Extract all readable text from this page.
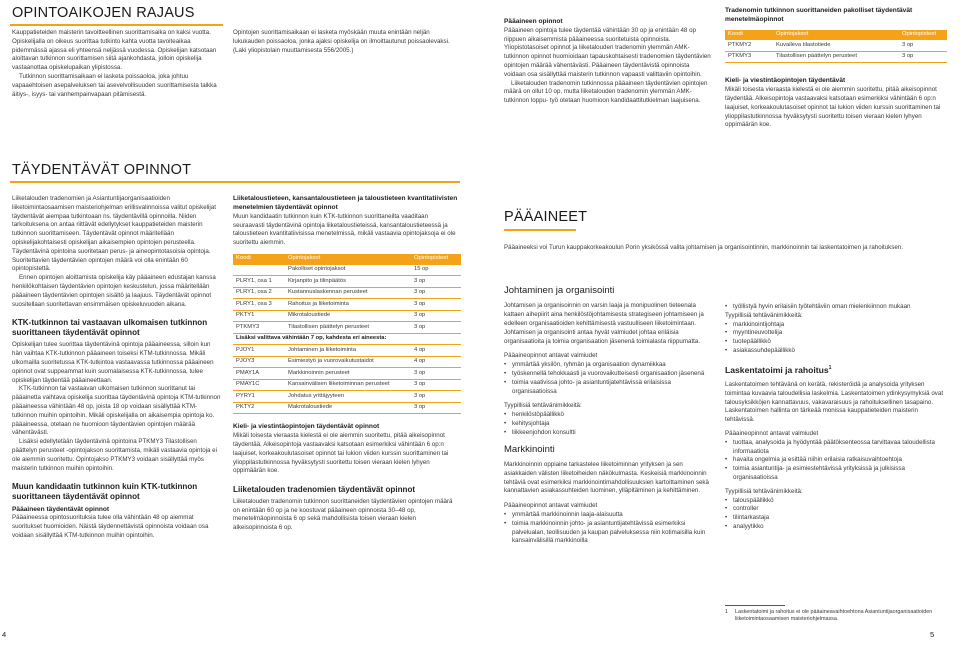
OPINTOAIKOJEN RAJAUS

Kauppatieteiden maisterin tavoitteellinen suorittamisaika on kaksi vuotta. Opiskelijalla on oikeus suorittaa tutkinto kahta vuotta tavoiteaikaa pidemmässä ajassa eli yhteensä neljässä vuodessa. Opiskelijan katsotaan aloittavan tutkinnon suorittamisen siitä ajankohdasta, jolloin opiskelija vastaanottaa opiskelupaikan ylipistossa.

Tutkinnon suorittamisaikaan ei lasketa poissaoloa, joka johtuu vapaaehtoisen asepalveluksen tai asevelvollisuuden suorittamisesta taikka äitiys-, isyys- tai vanhempainvapaan pitämisestä.

Opintojen suorittamisaikaan ei lasketa myöskään muuta enintään neljän lukukauden poissaoloa, jonka ajaksi opiskelija on ilmoittautunut poissaolevaksi. (Laki yliopistolain muuttamisesta 556/2005.)

TÄYDENTÄVÄT OPINNOT

Liiketalouden tradenomien ja Asiantuntijaorganisaatioiden liiketoimintaosaamisen maisteriohjelman erillisvalinnoissa valitut opiskelijat täydentävät aiempaa tutkintoaan ns. täydentävillä opinnoilla. Niiden tarkoituksena on antaa riittävät edellytykset kauppatieteiden maisterin tutkinnon suorittamiseen. Täydentävät opinnot määritellään opiskelijakohtaisesti opiskelijan aikaisempien opintojen perusteella. Täydentävinä opintoina suoritetaan perus- ja aineopintotasoisia opintoja. Suoritettavien täydentävien opintojen määrä voi olla enintään 60 opintopistettä.

Ennen opintojen aloittamista opiskelija käy pääaineen edustajan kanssa henkilökohtaisen täydentävien opintojen keskustelun, jossa määritellään pääaineen täydentävien opintojen sisältö ja laajuus. Täydentävät opinnot suositellaan suoritettavan ensimmäisen opiskeluvuoden aikana.

KTK-tutkinnon tai vastaavan ulkomaisen tutkinnon suorittaneen täydentävät opinnot

Opiskelijan tulee suorittaa täydentävinä opintoja pääaineessa, silloin kun hän vaihtaa KTK-tutkinnon pääaineen toiseksi KTM-tutkinnossa. Mikäli ulkomailla suoritetussa KTK-tutkintoa vastaavassa tutkinnossa pääaineen opinnot ovat suppeammat kuin suomalaisessa KTK-tutkinnossa, tulee opiskelijan täydentää pääaineettaan.

KTK-tutkinnon tai vastaavan ulkomaisen tutkinnon suorittanut tai pääainetta vaihtava opiskelija suorittaa täydentävinä opintoja KTM-tutkinnon pääaineessa vähintään 48 op, joista 18 op voidaan sisällyttää KTM-tutkinnon muihin opintoihin. Mikäli opiskelijalla on aikaisempia opintoja ko. pääaineessa, otetaan ne huomioon täydentävien opintojen määrää vähentävästi.

Lisäksi edellytetään täydentävinä opintoina PTKMY3 Tilastollisen päättelyn perusteet -opintojakson suorittamista, mikäli vastaavia opintoja ei ole aiemmin suoritettu. Opintojakso PTKMY3 voidaan sisällyttää myös maisterin tutkinnon muihin opintoihin.

Muun kandidaatin tutkinnon kuin KTK-tutkinnon suorittaneen täydentävät opinnot
Pääaineen täydentävät opinnot

Pääaineessa opintosuorituksia tulee olla vähintään 48 op aiemmat suoritukset huomioiden. Näistä täydennettävistä opinnoista voidaan osa voidaan sisällyttää KTM-tutkinnon muihin opintoihin.

Liiketaloustieteen, kansantaloustieteen ja taloustieteen kvantitatiivisten menetelmien täydentävät opinnot

Muun kandidaatin tutkinnon kuin KTK-tutkinnon suorittaneilta vaaditaan seuraavasti täydentävinä opintoja liiketaloustieteissä, kansantaloustieteessä ja taloustieteen kvantitatiivisissa menetelmissä, mikäli vastaavia opintojaksoja ei ole suoritettu aiemmin.

Koodi	Opintojaksot	Opintopisteet
	Pakolliset opintojaksot	15 op
PLRY1, osa 1	Kirjanpito ja tilinpäätös	3 op
PLRY1, osa 2	Kustannuslaskennan perusteet	3 op
PLRY1, osa 3	Rahoitus ja liiketoiminta	3 op
PKTY1	Mikrotaloustiede	3 op
PTKMY3	Tilastollisen päättelyn perusteet	3 op
Lisäksi valittava vähintään 7 op, kahdesta eri aineesta:		
PJOY1	Johtaminen ja liiketoiminta	4 op
PJOY3	Esimiestyö ja vuorovaikutustaidot	4 op
PMAY1A	Markkinoinnin perusteet	3 op
PMAY1C	Kansainvälisen liiketoiminnan perusteet	3 op
PYRY1	Johdatus yrittäjyyteen	3 op
PKTY2	Makrotaloustiede	3 op
Kieli- ja viestintäopintojen täydentävät opinnot

Mikäli toisesta vieraasta kielestä ei ole aiemmin suoritettu, pitää aikeisopinnot täydentää. Alkeisopintoja vastaavaksi katsotaan esimerkiksi vähintään 6 op:n laajuiset, korkeakoulutasoiset opinnot tai lukion viiden kurssin suorittaminen tai ylioppilastutkinnossa hyväksytysti suoritettu toisen vieraan kielen lyhyen oppimäärän koe.

Liiketalouden tradenomien täydentävät opinnot

Liiketalouden tradenomin tutkinnon suorittaneiden täydentävien opintojen määrä on enintään 60 op ja ne koostuvat pääaineen opinnoista 30–48 op, menetelmäopinnoista 6 op sekä mahdollisista toisen vieraan kielen alkeisopinnoista 6 op.

4
Pääaineen opinnot

Pääaineen opintoja tulee täydentää vähintään 30 op ja enintään 48 op riippuen aikaisemmista pääaineessa suoritetuista opinnoista. Yliopistotasoiset opinnot ja liiketalouden tradenomin ylemmän AMK-tutkinnon opinnot huomioidaan tapauskohtaisesti tradenomien täydentävien opintojen määrää vähentävästi. Pääaineen täydentävistä opinnoista voidaan osa sisällyttää maisterin tutkinnon vapaasti valittaviin opintoihin.

Liiketalouden tradenomin tutkinnossa pääaineen täydentävien opintojen määrä on ollut 10 op, mutta liiketalouden tradenomin ylemmän AMK-tutkinnon loppu- työ otetaan huomioon kandidaattitutkielman laajuisena.

Tradenomin tutkinnon suorittaneiden pakolliset täydentävät menetelmäopinnot
Koodi	Opintojaksot	Opintopisteet
PTKMY2	Kuvaileva tilastotiede	3 op
PTKMY3	Tilastollisen päättelyn perusteet	3 op
Kieli- ja viestintäopintojen täydentävät

Mikäli toisesta vieraasta kielestä ei ole aiemmin suoritettu, pitää aikeisopinnot täydentää. Alkeisopintoja vastaavaksi katsotaan esimerkiksi vähintään 6 op:n laajuiset, korkeakoulutasoiset opinnot tai lukion viiden kurssin suorittaminen tai ylioppilastutkinnossa hyväksytysti suoritettu toisen vieraan kielen lyhyen oppimäärän koe.

PÄÄAINEET

Pääaineeksi voi Turun kauppakorkeakoulun Porin yksikössä valita johtamisen ja organisointinnin, markkinoinnin tai laskentatoimen ja rahoituksen.

Johtaminen ja organisointi

Johtamisen ja organisoinnin on varsin laaja ja monipuolinen tieteenala kattaen aihepiirit aina henkilöstöjohtamisesta strategiseen johtamiseen ja edelleen organisaatioiden kehittämisestä vastuulliseen liiketoimintaan. Johtamisen ja organisointi antaa hyvät valmiudet johtaa eriläisia organisaatioita ja toimia organisaation jäsenenä toimialasta riippumatta.

Pääaineopinnot antavat valmiudet

• ymmärtää yksilön, ryhmän ja organisaation dynamiikkaa
• työskennellä tehokkaasti ja vuorovaikutteisesti organisaation jäsenenä
• toimia vaativissa johto- ja asiantuntijatehtävissä erilaisissa organisaatioissa

Tyypillisiä tehtävänimikkeitä:

• henkilöstöpäällikkö
• kehitysjohtaja
• liikkeenjohdon konsultti
Markkinointi

Markkinoinnin oppiaine tarkastelee liiketoiminnan yrityksen ja sen asiakkaiden välisten liiketoiheiden näkökulmasta. Keskeisiä markkinoinnin tehtäviä ovat esimerkiksi markkinointimahdollisuuksien kartoittaminen sekä kannattavien asiakassuhteiden luominen, ylläpitäminen ja kehittäminen.

Pääaineopinnot antavat valmiudet

• ymmärtää markkinoinnin laaja-alaisuutta
• toimia markkinoinnin johto- ja asiantuntijatehtävissä esimerkiksi palvelualan, teollisuuden ja kaupan palveluksessa niin kotimaisilla kuin kansainvälisillä markkinoilla
• työllistyä hyvin erilaisiin työtehtäviin oman mielenkiinnon mukaan

Tyypillisiä tehtävänimikkeitä:

• markkinointijohtaja
• myyntineuvottelija
• tuotepäällikkö
• asiakassuhdepäällikkö
Laskentatoimi ja rahoitus$^1$

Laskentatoimen tehtävänä on kerätä, rekisteröidä ja analysoida yrityksen toimintaa kuvaavia taloudellisia laskelmia. Laskentatoimen ydinkysymyksiä ovat talousyksikköjen kannattavuus, vakavaraisuus ja rahoituksellinen tasapaino. Laskentatoimen hallinta on tärkeää monissa kauppatieteiden maisterin tehtävissä.

Pääaineopinnot antavat valmiudet

• tuottaa, analysoida ja hyödyntää päätöksenteossa tarvittavaa taloudellista informaatiota
• havaita ongelmia ja esittää niihin erilaisia ratkaisuvaihtoehtoja
• toimia asiantuntija- ja esimiestehtävissä yrityksissä ja julkisissa organisaatioissa

Tyypillisiä tehtävänimikkeitä:

• talouspäällikkö
• controller
• tilintarkastaja
• analyytikko
1	Laskentatoimi ja rahoitus ei ole pääaineavaihtoehtona Asiantuntijaorganisaatioiden liiketoimintaosaamisen maisteriohjelmassa.
5
